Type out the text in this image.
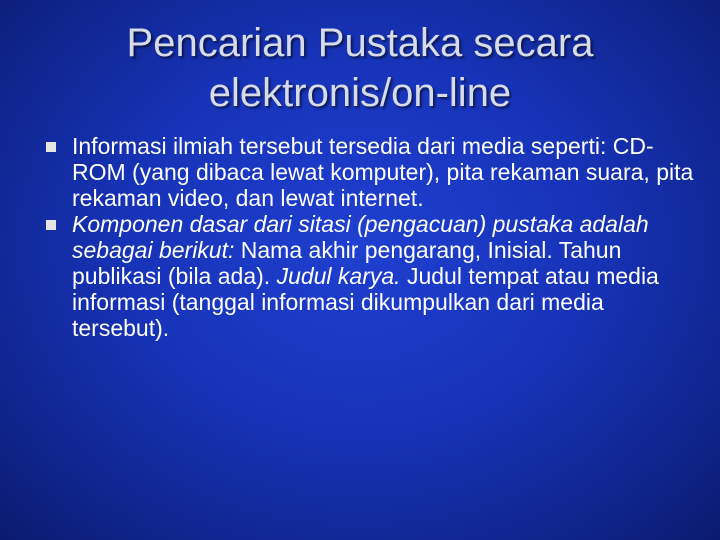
Pencarian Pustaka secara
elektronis/on-line
Informasi ilmiah tersebut tersedia dari media seperti: CD-ROM (yang dibaca lewat komputer), pita rekaman suara, pita rekaman video, dan lewat internet.
Komponen dasar dari sitasi (pengacuan) pustaka adalah sebagai berikut: Nama akhir pengarang, Inisial. Tahun publikasi (bila ada). Judul karya. Judul tempat atau media informasi (tanggal informasi dikumpulkan dari media tersebut).
